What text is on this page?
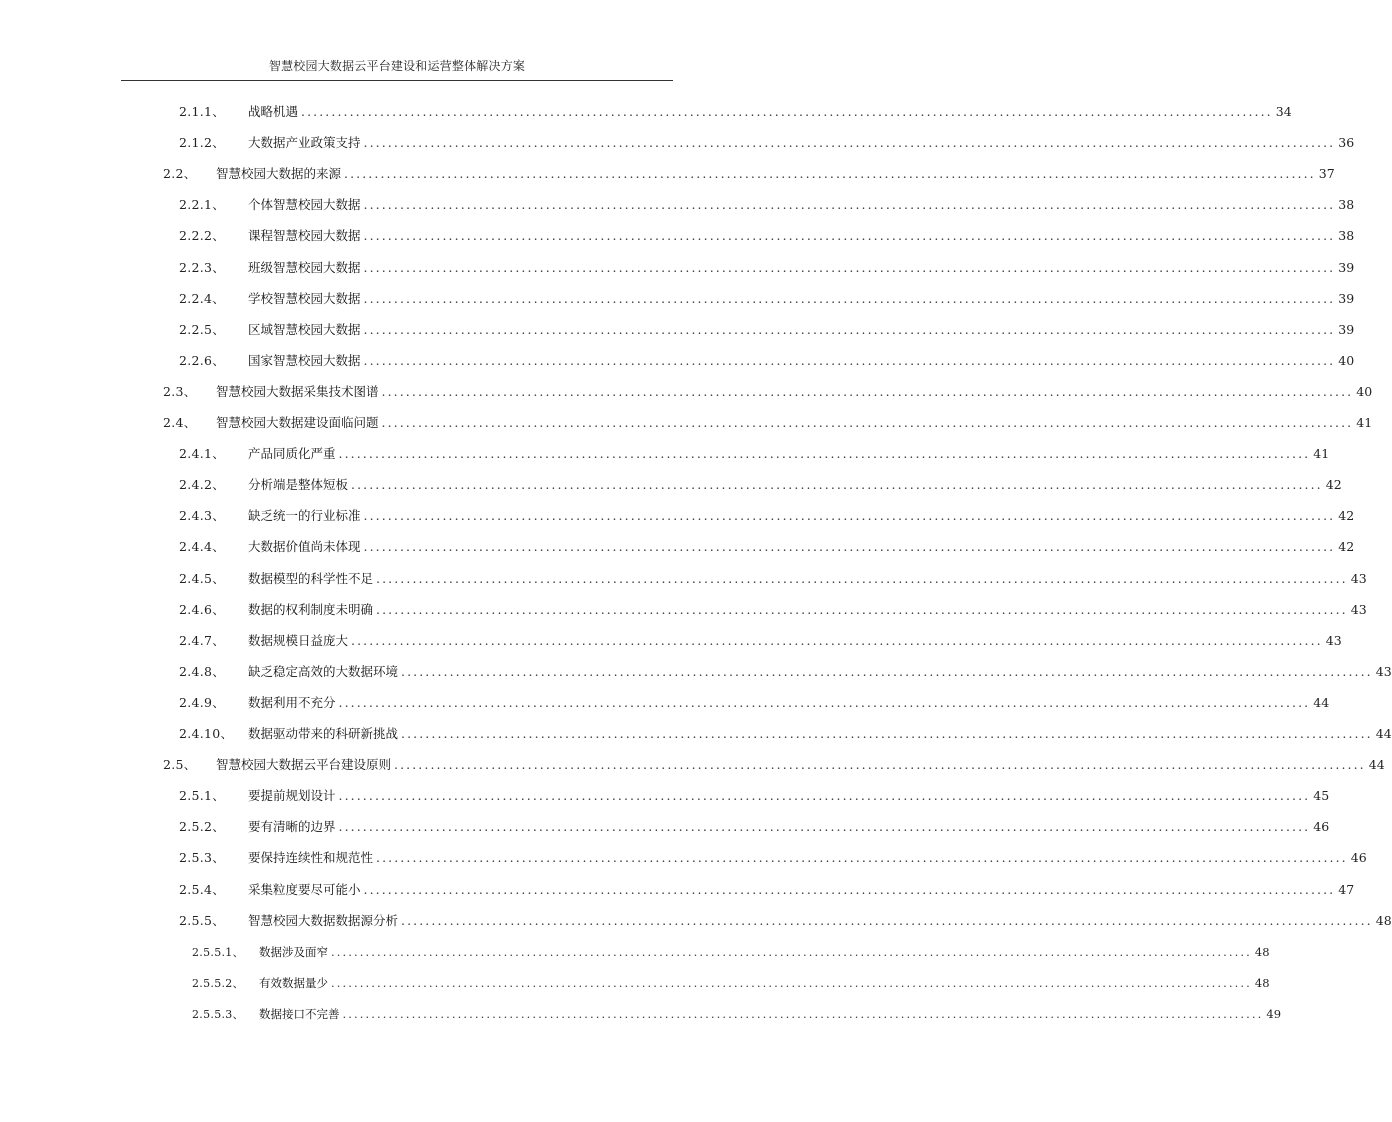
智慧校园大数据云平台建设和运营整体解决方案
2.1.1、	战略机遇 ................................................................................................................................................................ 34
2.1.2、	大数据产业政策支持 ................................................................................................................................................................ 36
2.2、	智慧校园大数据的来源 ................................................................................................................................................................ 37
2.2.1、	个体智慧校园大数据 ................................................................................................................................................................ 38
2.2.2、	课程智慧校园大数据 ................................................................................................................................................................ 38
2.2.3、	班级智慧校园大数据 ................................................................................................................................................................ 39
2.2.4、	学校智慧校园大数据 ................................................................................................................................................................ 39
2.2.5、	区域智慧校园大数据 ................................................................................................................................................................ 39
2.2.6、	国家智慧校园大数据 ................................................................................................................................................................ 40
2.3、	智慧校园大数据采集技术图谱 ................................................................................................................................................................ 40
2.4、	智慧校园大数据建设面临问题 ................................................................................................................................................................ 41
2.4.1、	产品同质化严重 ................................................................................................................................................................ 41
2.4.2、	分析端是整体短板 ................................................................................................................................................................ 42
2.4.3、	缺乏统一的行业标准 ................................................................................................................................................................ 42
2.4.4、	大数据价值尚未体现 ................................................................................................................................................................ 42
2.4.5、	数据模型的科学性不足 ................................................................................................................................................................ 43
2.4.6、	数据的权利制度未明确 ................................................................................................................................................................ 43
2.4.7、	数据规模日益庞大 ................................................................................................................................................................ 43
2.4.8、	缺乏稳定高效的大数据环境 ................................................................................................................................................................ 43
2.4.9、	数据利用不充分 ................................................................................................................................................................ 44
2.4.10、	数据驱动带来的科研新挑战 ................................................................................................................................................................ 44
2.5、	智慧校园大数据云平台建设原则 ................................................................................................................................................................ 44
2.5.1、	要提前规划设计 ................................................................................................................................................................ 45
2.5.2、	要有清晰的边界 ................................................................................................................................................................ 46
2.5.3、	要保持连续性和规范性 ................................................................................................................................................................ 46
2.5.4、	采集粒度要尽可能小 ................................................................................................................................................................ 47
2.5.5、	智慧校园大数据数据源分析 ................................................................................................................................................................ 48
2.5.5.1、	数据涉及面窄 ................................................................................................................................................................ 48
2.5.5.2、	有效数据量少 ................................................................................................................................................................ 48
2.5.5.3、	数据接口不完善 ................................................................................................................................................................ 49
